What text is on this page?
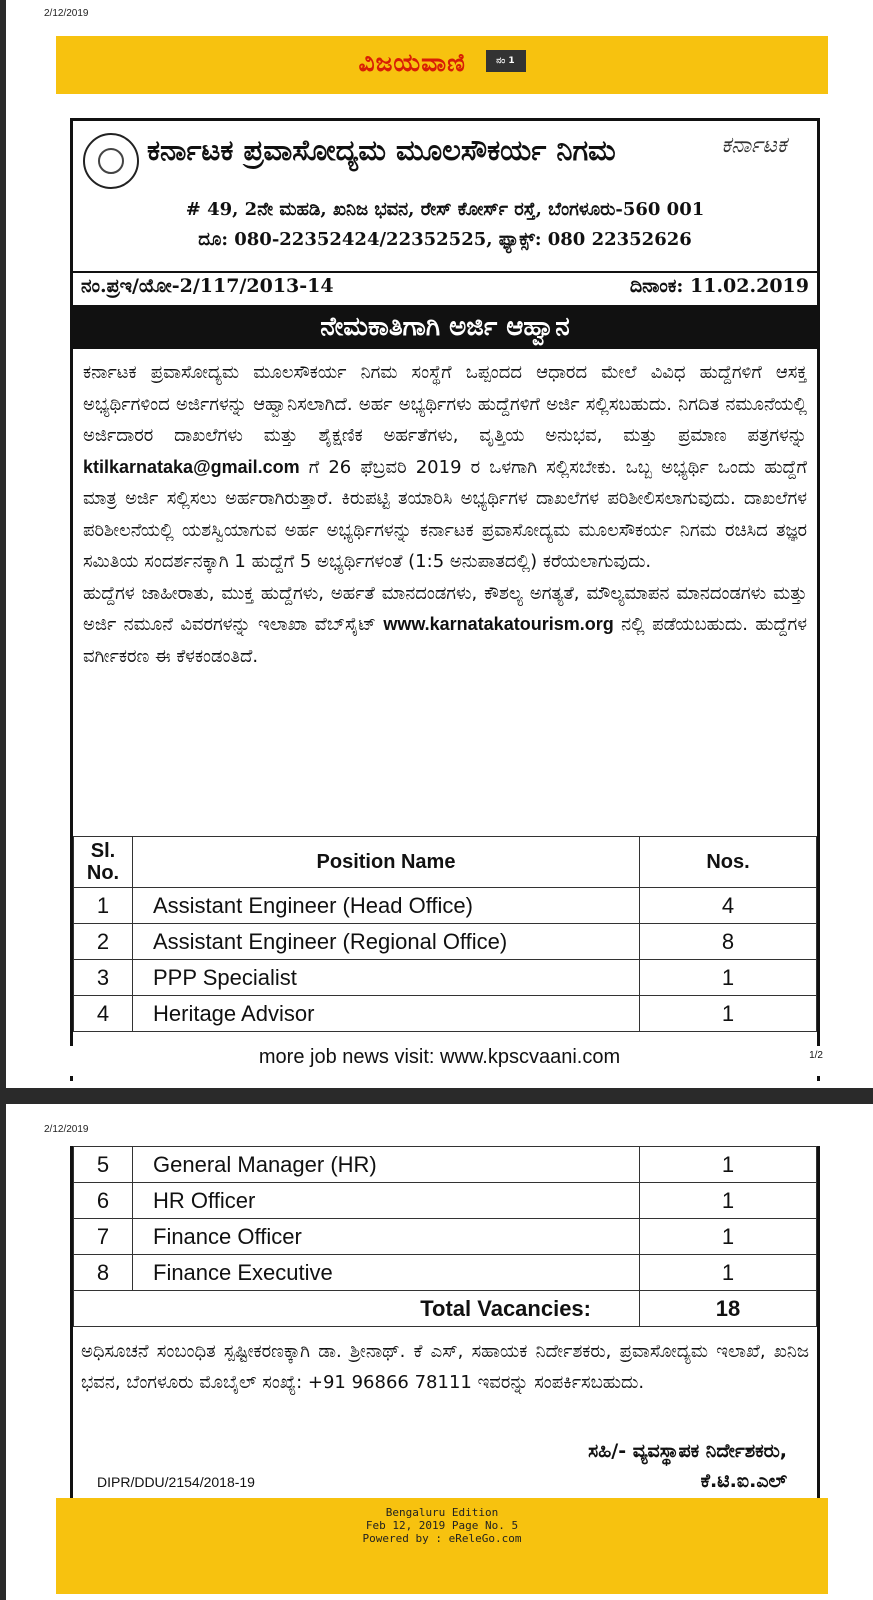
2/12/2019
ವಿಜಯವಾಣಿ	ನಂ 1
ಕರ್ನಾಟಕ ಪ್ರವಾಸೋದ್ಯಮ ಮೂಲಸೌಕರ್ಯ ನಿಗಮ	ಕರ್ನಾಟಕ
# 49, 2ನೇ ಮಹಡಿ, ಖನಿಜ ಭವನ, ರೇಸ್ ಕೋರ್ಸ್ ರಸ್ತೆ, ಬೆಂಗಳೂರು-560 001
ದೂ: 080-22352424/22352525, ಫ್ಯಾಕ್ಸ್: 080 22352626
ನಂ.ಪ್ರಇ/ಯೋ-2/117/2013-14	ದಿನಾಂಕ: 11.02.2019
ನೇಮಕಾತಿಗಾಗಿ ಅರ್ಜಿ ಆಹ್ವಾನ

ಕರ್ನಾಟಕ ಪ್ರವಾಸೋದ್ಯಮ ಮೂಲಸೌಕರ್ಯ ನಿಗಮ ಸಂಸ್ಥೆಗೆ ಒಪ್ಪಂದದ ಆಧಾರದ ಮೇಲೆ ವಿವಿಧ ಹುದ್ದೆಗಳಿಗೆ ಆಸಕ್ತ ಅಭ್ಯರ್ಥಿಗಳಿಂದ ಅರ್ಜಿಗಳನ್ನು ಆಹ್ವಾನಿಸಲಾಗಿದೆ. ಅರ್ಹ ಅಭ್ಯರ್ಥಿಗಳು ಹುದ್ದೆಗಳಿಗೆ ಅರ್ಜಿ ಸಲ್ಲಿಸಬಹುದು. ನಿಗದಿತ ನಮೂನೆಯಲ್ಲಿ ಅರ್ಜಿದಾರರ ದಾಖಲೆಗಳು ಮತ್ತು ಶೈಕ್ಷಣಿಕ ಅರ್ಹತೆಗಳು, ವೃತ್ತಿಯ ಅನುಭವ, ಮತ್ತು ಪ್ರಮಾಣ ಪತ್ರಗಳನ್ನು ktilkarnataka@gmail.com ಗೆ 26 ಫೆಬ್ರವರಿ 2019 ರ ಒಳಗಾಗಿ ಸಲ್ಲಿಸಬೇಕು. ಒಬ್ಬ ಅಭ್ಯರ್ಥಿ ಒಂದು ಹುದ್ದೆಗೆ ಮಾತ್ರ ಅರ್ಜಿ ಸಲ್ಲಿಸಲು ಅರ್ಹರಾಗಿರುತ್ತಾರೆ. ಕಿರುಪಟ್ಟಿ ತಯಾರಿಸಿ ಅಭ್ಯರ್ಥಿಗಳ ದಾಖಲೆಗಳ ಪರಿಶೀಲಿಸಲಾಗುವುದು. ದಾಖಲೆಗಳ ಪರಿಶೀಲನೆಯಲ್ಲಿ ಯಶಸ್ವಿಯಾಗುವ ಅರ್ಹ ಅಭ್ಯರ್ಥಿಗಳನ್ನು ಕರ್ನಾಟಕ ಪ್ರವಾಸೋದ್ಯಮ ಮೂಲಸೌಕರ್ಯ ನಿಗಮ ರಚಿಸಿದ ತಜ್ಞರ ಸಮಿತಿಯ ಸಂದರ್ಶನಕ್ಕಾಗಿ 1 ಹುದ್ದೆಗೆ 5 ಅಭ್ಯರ್ಥಿಗಳಂತೆ (1:5 ಅನುಪಾತದಲ್ಲಿ) ಕರೆಯಲಾಗುವುದು.

ಹುದ್ದೆಗಳ ಜಾಹೀರಾತು, ಮುಕ್ತ ಹುದ್ದೆಗಳು, ಅರ್ಹತೆ ಮಾನದಂಡಗಳು, ಕೌಶಲ್ಯ ಅಗತ್ಯತೆ, ಮೌಲ್ಯಮಾಪನ ಮಾನದಂಡಗಳು ಮತ್ತು ಅರ್ಜಿ ನಮೂನೆ ವಿವರಗಳನ್ನು ಇಲಾಖಾ ವೆಬ್‌ಸೈಟ್ www.karnatakatourism.org ನಲ್ಲಿ ಪಡೆಯಬಹುದು. ಹುದ್ದೆಗಳ ವರ್ಗೀಕರಣ ಈ ಕೆಳಕಂಡಂತಿದೆ.

Sl. No.	Position Name	Nos.
1	Assistant Engineer (Head Office)	4
2	Assistant Engineer (Regional Office)	8
3	PPP Specialist	1
4	Heritage Advisor	1
more job news visit: www.kpscvaani.com	1/2
2/12/2019
5	General Manager (HR)	1
6	HR Officer	1
7	Finance Officer	1
8	Finance Executive	1
Total Vacancies:		18
ಅಧಿಸೂಚನೆ ಸಂಬಂಧಿತ ಸ್ಪಷ್ಟೀಕರಣಕ್ಕಾಗಿ ಡಾ. ಶ್ರೀನಾಥ್. ಕೆ ಎಸ್, ಸಹಾಯಕ ನಿರ್ದೇಶಕರು, ಪ್ರವಾಸೋದ್ಯಮ ಇಲಾಖೆ, ಖನಿಜ ಭವನ, ಬೆಂಗಳೂರು ಮೊಬೈಲ್ ಸಂಖ್ಯೆ: +91 96866 78111 ಇವರನ್ನು ಸಂಪರ್ಕಿಸಬಹುದು.
ಸಹಿ/- ವ್ಯವಸ್ಥಾಪಕ ನಿರ್ದೇಶಕರು,
ಕೆ.ಟಿ.ಐ.ಎಲ್
DIPR/DDU/2154/2018-19
Bengaluru Edition
Feb 12, 2019 Page No. 5
Powered by : eReleGo.com
